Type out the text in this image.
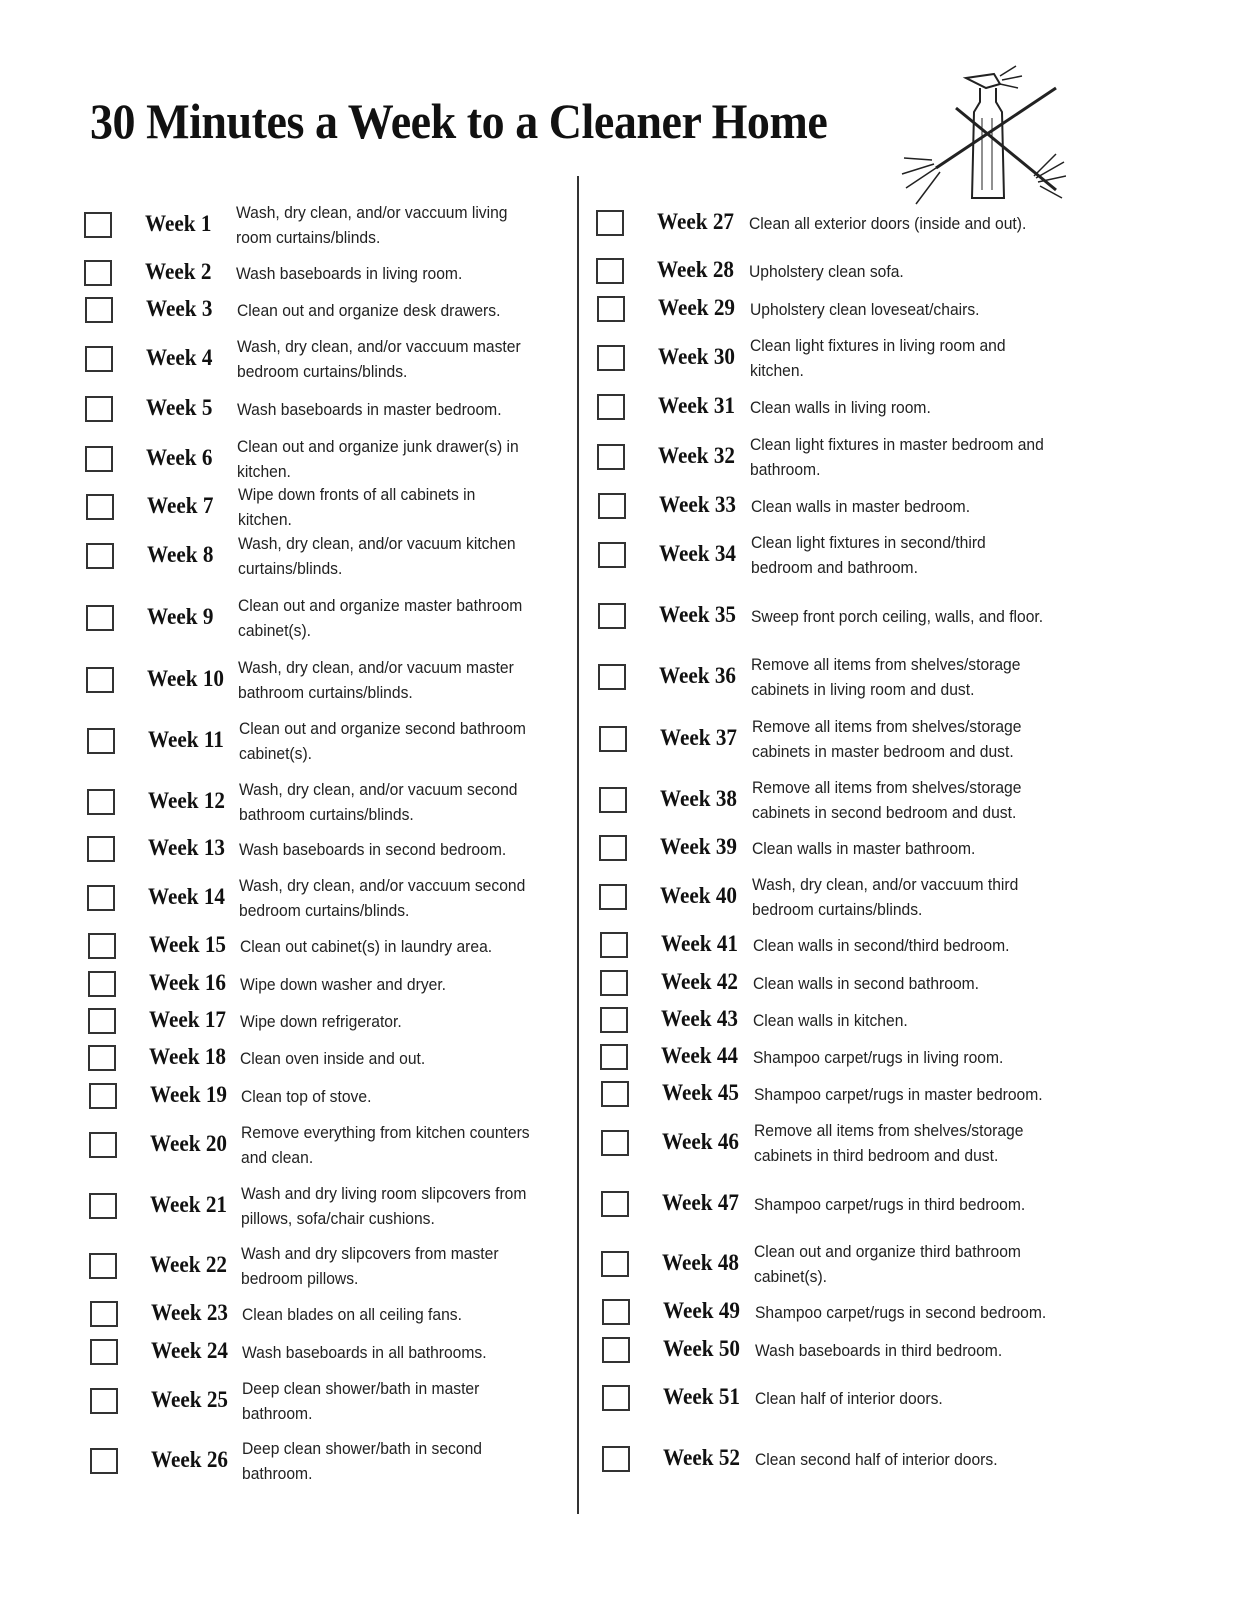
30 Minutes a Week to a Cleaner Home
Week 1 Wash, dry clean, and/or vaccuum living room curtains/blinds.
Week 2 Wash baseboards in living room.
Week 3 Clean out and organize desk drawers.
Week 4 Wash, dry clean, and/or vaccuum master bedroom curtains/blinds.
Week 5 Wash baseboards in master bedroom.
Week 6 Clean out and organize junk drawer(s) in kitchen.
Week 7 Wipe down fronts of all cabinets in kitchen.
Week 8 Wash, dry clean, and/or vacuum kitchen curtains/blinds.
Week 9 Clean out and organize master bathroom cabinet(s).
Week 10 Wash, dry clean, and/or vacuum master bathroom curtains/blinds.
Week 11 Clean out and organize second bathroom cabinet(s).
Week 12 Wash, dry clean, and/or vacuum second bathroom curtains/blinds.
Week 13 Wash baseboards in second bedroom.
Week 14 Wash, dry clean, and/or vaccuum second bedroom curtains/blinds.
Week 15 Clean out cabinet(s) in laundry area.
Week 16 Wipe down washer and dryer.
Week 17 Wipe down refrigerator.
Week 18 Clean oven inside and out.
Week 19 Clean top of stove.
Week 20 Remove everything from kitchen counters and clean.
Week 21 Wash and dry living room slipcovers from pillows, sofa/chair cushions.
Week 22 Wash and dry slipcovers from master bedroom pillows.
Week 23 Clean blades on all ceiling fans.
Week 24 Wash baseboards in all bathrooms.
Week 25 Deep clean shower/bath in master bathroom.
Week 26 Deep clean shower/bath in second bathroom.
Week 27 Clean all exterior doors (inside and out).
Week 28 Upholstery clean sofa.
Week 29 Upholstery clean loveseat/chairs.
Week 30 Clean light fixtures in living room and kitchen.
Week 31 Clean walls in living room.
Week 32 Clean light fixtures in master bedroom and bathroom.
Week 33 Clean walls in master bedroom.
Week 34 Clean light fixtures in second/third bedroom and bathroom.
Week 35 Sweep front porch ceiling, walls, and floor.
Week 36 Remove all items from shelves/storage cabinets in living room and dust.
Week 37 Remove all items from shelves/storage cabinets in master bedroom and dust.
Week 38 Remove all items from shelves/storage cabinets in second bedroom and dust.
Week 39 Clean walls in master bathroom.
Week 40 Wash, dry clean, and/or vaccuum third bedroom curtains/blinds.
Week 41 Clean walls in second/third bedroom.
Week 42 Clean walls in second bathroom.
Week 43 Clean walls in kitchen.
Week 44 Shampoo carpet/rugs in living room.
Week 45 Shampoo carpet/rugs in master bedroom.
Week 46 Remove all items from shelves/storage cabinets in third bedroom and dust.
Week 47 Shampoo carpet/rugs in third bedroom.
Week 48 Clean out and organize third bathroom cabinet(s).
Week 49 Shampoo carpet/rugs in second bedroom.
Week 50 Wash baseboards in third bedroom.
Week 51 Clean half of interior doors.
Week 52 Clean second half of interior doors.
